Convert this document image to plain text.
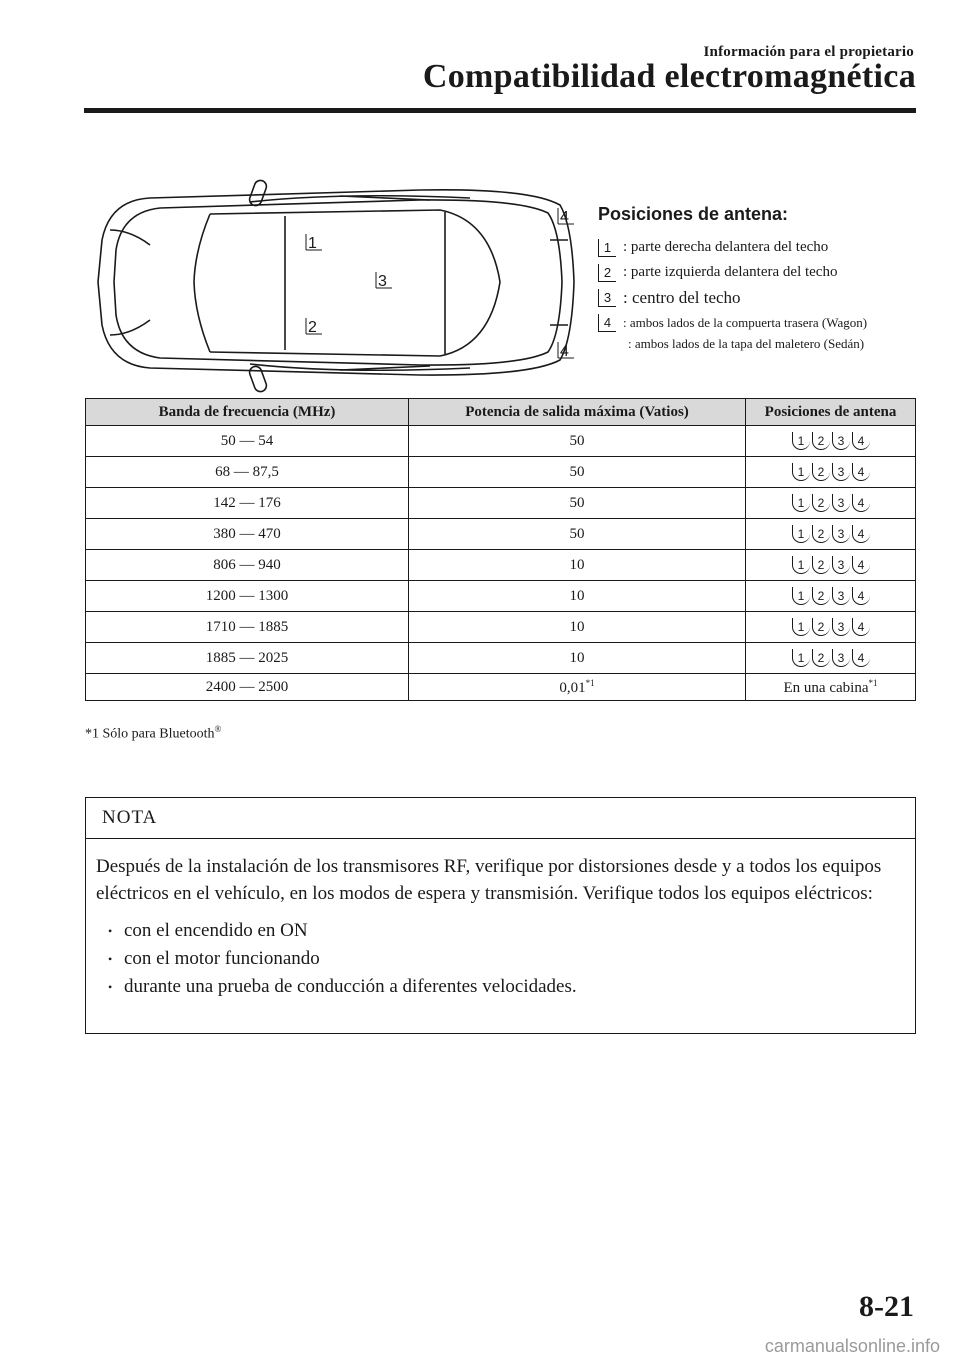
Información para el propietario
Compatibilidad electromagnética
1
2
3
4
4
Posiciones de antena:
1 : parte derecha delantera del techo
2 : parte izquierda delantera del techo
3 : centro del techo
4 : ambos lados de la compuerta trasera (Wagon)
: ambos lados de la tapa del maletero (Sedán)
Banda de frecuencia (MHz)	Potencia de salida máxima (Vatios)	Posiciones de antena
50 — 54	50	1 2 3 4

68 — 87,5	50	1 2 3 4

142 — 176	50	1 2 3 4

380 — 470	50	1 2 3 4

806 — 940	10	1 2 3 4

1200 — 1300	10	1 2 3 4

1710 — 1885	10	1 2 3 4

1885 — 2025	10	1 2 3 4

2400 — 2500	0,01$^{*1}$	En una cabina$^{*1}$
*1 Sólo para Bluetooth®
NOTA
Después de la instalación de los transmisores RF, verifique por distorsiones desde y a todos los equipos eléctricos en el vehículo, en los modos de espera y transmisión. Verifique todos los equipos eléctricos:
• con el encendido en ON
• con el motor funcionando
• durante una prueba de conducción a diferentes velocidades.
8-21
carmanualsonline.info
